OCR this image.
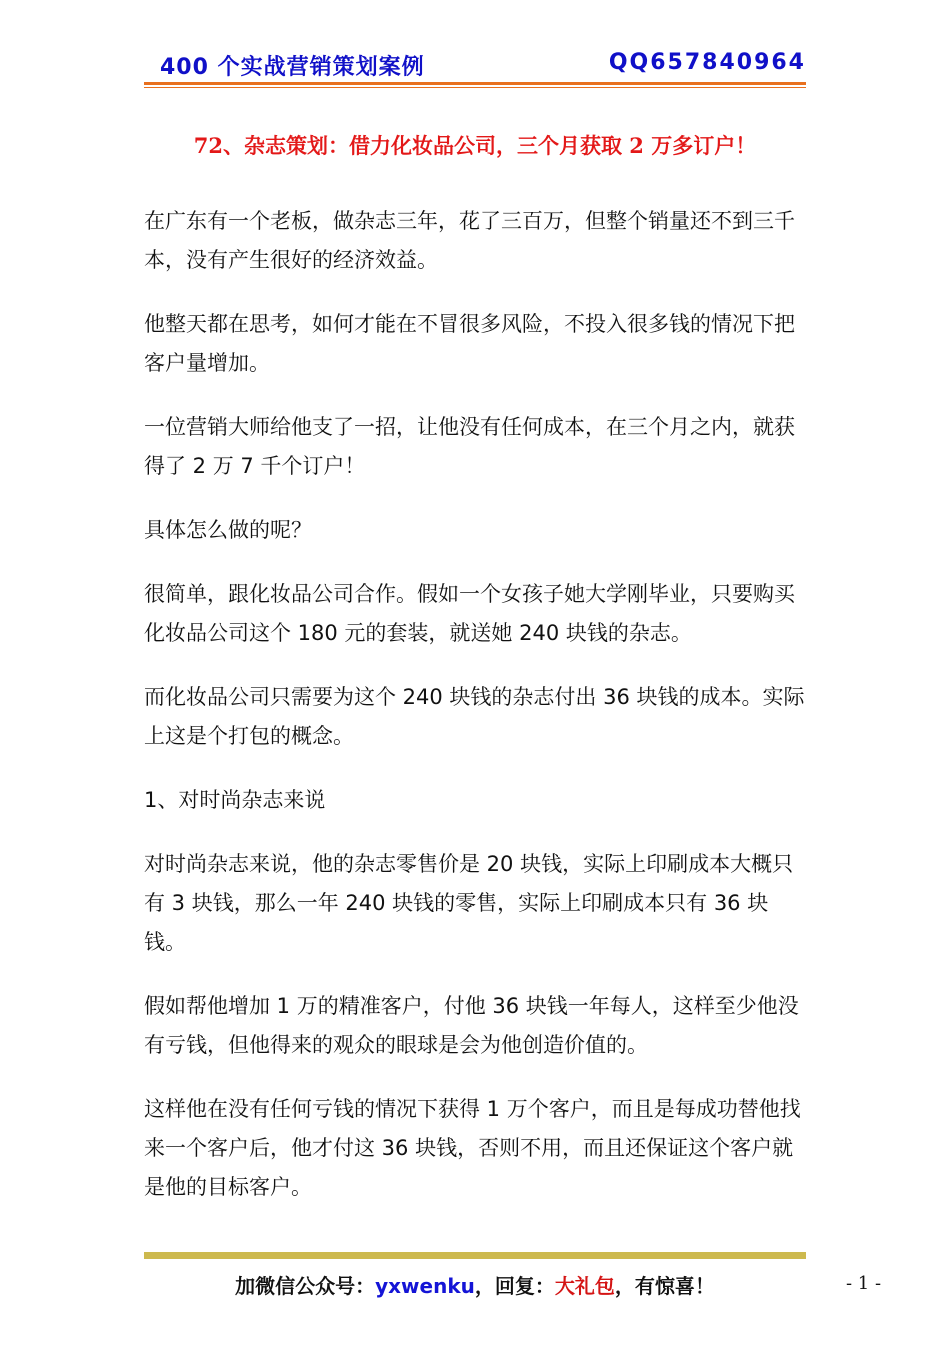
400 个实战营销策划案例	QQ657840964
72、杂志策划：借力化妆品公司，三个月获取 2 万多订户！

在广东有一个老板，做杂志三年，花了三百万，但整个销量还不到三千本，没有产生很好的经济效益。

他整天都在思考，如何才能在不冒很多风险，不投入很多钱的情况下把客户量增加。

一位营销大师给他支了一招，让他没有任何成本，在三个月之内，就获得了 2 万 7 千个订户！

具体怎么做的呢？

很简单，跟化妆品公司合作。假如一个女孩子她大学刚毕业，只要购买化妆品公司这个 180 元的套装，就送她 240 块钱的杂志。

而化妆品公司只需要为这个 240 块钱的杂志付出 36 块钱的成本。实际上这是个打包的概念。

1、对时尚杂志来说

对时尚杂志来说，他的杂志零售价是 20 块钱，实际上印刷成本大概只有 3 块钱，那么一年 240 块钱的零售，实际上印刷成本只有 36 块钱。

假如帮他增加 1 万的精准客户，付他 36 块钱一年每人，这样至少他没有亏钱，但他得来的观众的眼球是会为他创造价值的。

这样他在没有任何亏钱的情况下获得 1 万个客户，而且是每成功替他找来一个客户后，他才付这 36 块钱，否则不用，而且还保证这个客户就是他的目标客户。

加微信公众号：yxwenku，回复：大礼包，有惊喜！	- 1 -
